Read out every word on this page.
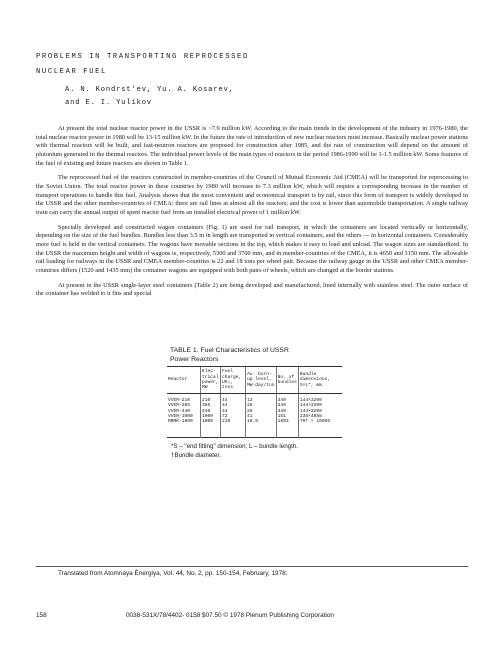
PROBLEMS IN TRANSPORTING REPROCESSED
NUCLEAR FUEL
A. N. Kondrst'ev, Yu. A. Kosarev,
and E. I. Yulikov

At present the total nuclear reactor power in the USSR is ~7.9 million kW. According to the main trends in the development of the industry in 1976-1980, the total nuclear reactor power in 1980 will be 13-15 million kW. In the future the rate of introduction of new nuclear reactors must increase. Basically nuclear power stations with thermal reactors will be built, and fast-neutron reactors are proposed for construction after 1985, and the rate of construction will depend on the amount of plutonium generated in the thermal reactors. The individual power levels of the main types of reactors in the period 1986-1990 will be 1-1.5 million kW. Some features of the fuel of existing and future reactors are shown in Table 1.

The reprocessed fuel of the reactors constructed in member-countries of the Council of Mutual Economic Aid (CMEA) will be transported for reprocessing to the Soviet Union. The total reactor power in these countries by 1980 will increase to 7.3 million kW, which will require a corresponding increase in the number of transport operations to handle this fuel. Analysis shows that the most convenient and economical transport is by rail, since this form of transport is widely developed in the USSR and the other member-countries of CMEA: there are rail lines at almost all the reactors; and the cost is lower than automobile transportation. A single railway train can carry the annual output of spent reactor fuel from an installed electrical power of 1 million kW.

Specially developed and constructed wagon containers (Fig. 1) are used for rail transport, in which the containers are located vertically or horizontally, depending on the size of the fuel bundles. Bundles less than 3.5 m in length are transported in vertical containers, and the others — in horizontal containers. Considerably more fuel is held in the vertical containers. The wagons have movable sections in the top, which makes it easy to load and unload. The wagon sizes are standardized. In the USSR the maximum height and width of wagons is, respectively, 5300 and 3700 mm, and in member-countries of the CMEA, it is 4650 and 3150 mm. The allowable rail loading for railways in the USSR and CMEA member-countries is 22 and 18 tons per wheel pair. Because the railway gauge in the USSR and other CMEA member-countries differs (1520 and 1435 mm) the container wagons are equipped with both pairs of wheels, which are changed at the border stations.

At present in the USSR single-layer steel containers (Table 2) are being developed and manufactured, lined internally with stainless steel. The outer surface of the container has welded to it fins and special

TABLE 1. Fuel Characteristics of USSR
Power Reactors
Reactor	Elec-trical power, MW	Fuel charge, UO₂, tons	Av. burn-up level, MW·day/ton	No. of bundles	Bundle dimensions, S×L*, mm
VVÉR-210	210	44	13	349	144×3200
VVÉR-365	365	44	28	349	144×3200
VVÉR-440	440	44	28	349	144×3200
VVÉR-1000	1000	72	41	151	238×4865
RBMK-1000	1000	210	18.5	1693	79† × 10065
*S – "end fitting" dimension; L – bundle length.
†Bundle diameter.
Translated from Atomnaya Énergiya, Vol. 44, No. 2, pp. 150-154, February, 1978.
158	0038-531X/78/4402- 0158 $07.50 © 1978 Plenum Publishing Corporation
